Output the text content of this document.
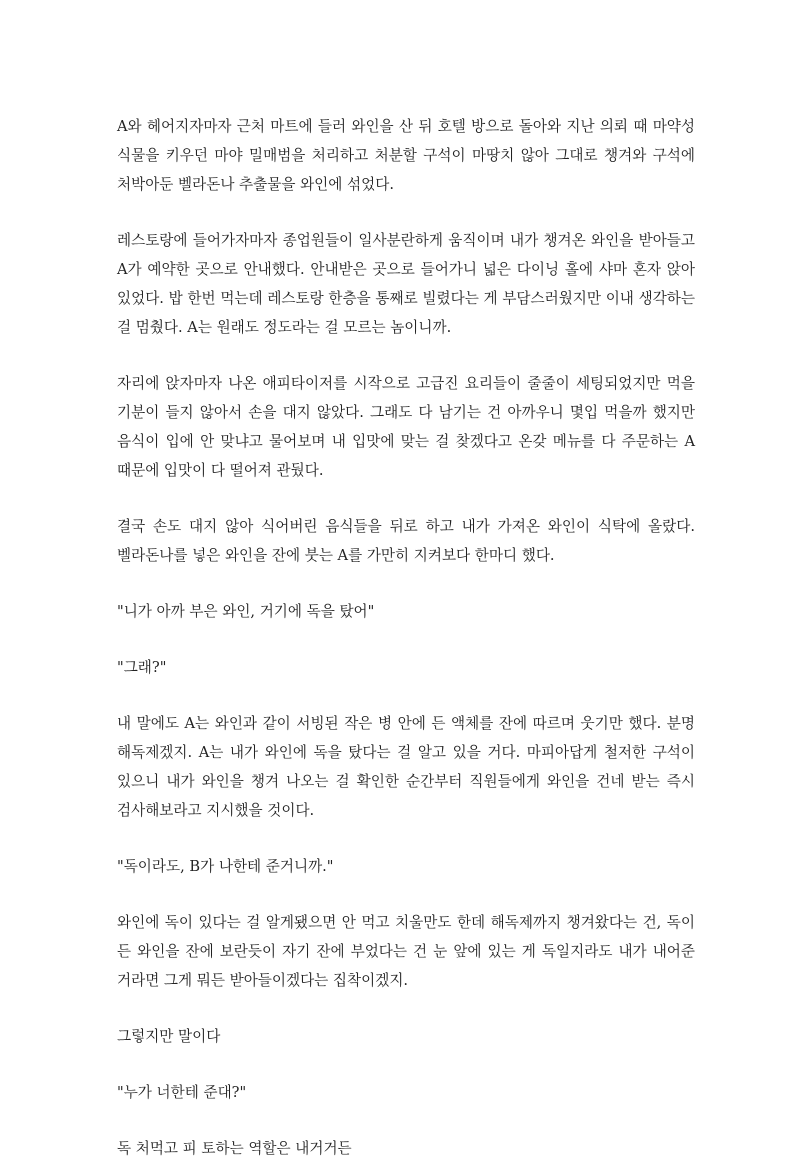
A와 헤어지자마자 근처 마트에 들러 와인을 산 뒤 호텔 방으로 돌아와 지난 의뢰 때 마약성 식물을 키우던 마야 밀매범을 처리하고 처분할 구석이 마땅치 않아 그대로 챙겨와 구석에 처박아둔 벨라돈나 추출물을 와인에 섞었다.

레스토랑에 들어가자마자 종업원들이 일사분란하게 움직이며 내가 챙겨온 와인을 받아들고 A가 예약한 곳으로 안내했다. 안내받은 곳으로 들어가니 넓은 다이닝 홀에 샤마 혼자 앉아 있었다. 밥 한번 먹는데 레스토랑 한층을 통째로 빌렸다는 게 부담스러웠지만 이내 생각하는 걸 멈췄다. A는 원래도 정도라는 걸 모르는 놈이니까.

자리에 앉자마자 나온 애피타이저를 시작으로 고급진 요리들이 줄줄이 세팅되었지만 먹을 기분이 들지 않아서 손을 대지 않았다. 그래도 다 남기는 건 아까우니 몇입 먹을까 했지만 음식이 입에 안 맞냐고 물어보며 내 입맛에 맞는 걸 찾겠다고 온갖 메뉴를 다 주문하는 A 때문에 입맛이 다 떨어져 관뒀다.

결국 손도 대지 않아 식어버린 음식들을 뒤로 하고 내가 가져온 와인이 식탁에 올랐다. 벨라돈나를 넣은 와인을 잔에 붓는 A를 가만히 지켜보다 한마디 했다.

"니가 아까 부은 와인, 거기에 독을 탔어"

"그래?"

내 말에도 A는 와인과 같이 서빙된 작은 병 안에 든 액체를 잔에 따르며 웃기만 했다. 분명 해독제겠지. A는 내가 와인에 독을 탔다는 걸 알고 있을 거다. 마피아답게 철저한 구석이 있으니 내가 와인을 챙겨 나오는 걸 확인한 순간부터 직원들에게 와인을 건네 받는 즉시 검사해보라고 지시했을 것이다.

"독이라도, B가 나한테 준거니까."

와인에 독이 있다는 걸 알게됐으면 안 먹고 치울만도 한데 해독제까지 챙겨왔다는 건, 독이 든 와인을 잔에 보란듯이 자기 잔에 부었다는 건 눈 앞에 있는 게 독일지라도 내가 내어준 거라면 그게 뭐든 받아들이겠다는 집착이겠지.

그렇지만 말이다

"누가 너한테 준대?"

독 처먹고 피 토하는 역할은 내거거든
